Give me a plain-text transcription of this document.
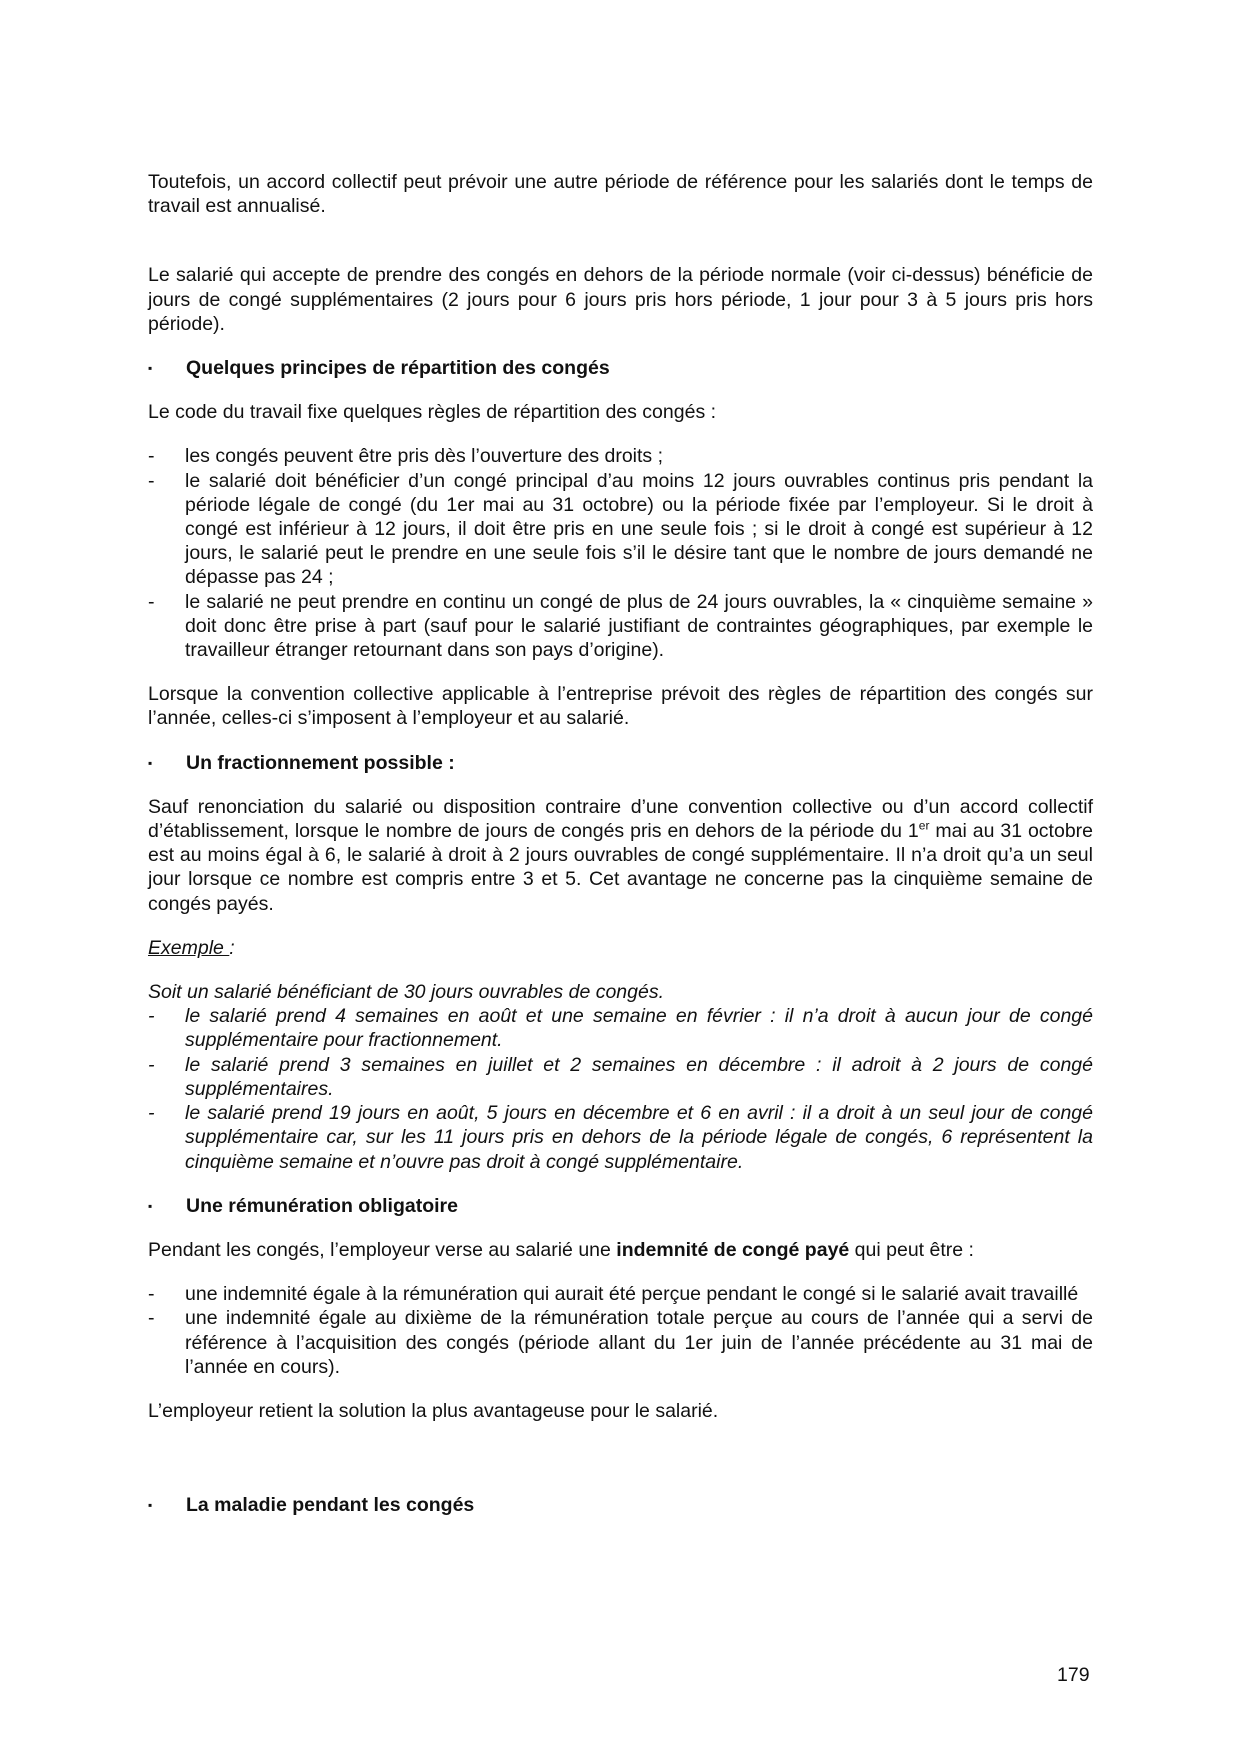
Toutefois, un accord collectif peut prévoir une autre période de référence pour les salariés dont le temps de travail est annualisé.

Le salarié qui accepte de prendre des congés en dehors de la période normale (voir ci-dessus) bénéficie de jours de congé supplémentaires (2 jours pour 6 jours pris hors période, 1 jour pour 3 à 5 jours pris hors période).

▪	Quelques principes de répartition des congés

Le code du travail fixe quelques règles de répartition des congés :

- les congés peuvent être pris dès l’ouverture des droits ;
- le salarié doit bénéficier d’un congé principal d’au moins 12 jours ouvrables continus pris pendant la période légale de congé (du 1er mai au 31 octobre) ou la période fixée par l’employeur. Si le droit à congé est inférieur à 12 jours, il doit être pris en une seule fois ; si le droit à congé est supérieur à 12 jours, le salarié peut le prendre en une seule fois s’il le désire tant que le nombre de jours demandé ne dépasse pas 24 ;
- le salarié ne peut prendre en continu un congé de plus de 24 jours ouvrables, la « cinquième semaine » doit donc être prise à part (sauf pour le salarié justifiant de contraintes géographiques, par exemple le travailleur étranger retournant dans son pays d’origine).

Lorsque la convention collective applicable à l’entreprise prévoit des règles de répartition des congés sur l’année, celles-ci s’imposent à l’employeur et au salarié.

▪	Un fractionnement possible :

Sauf renonciation du salarié ou disposition contraire d’une convention collective ou d’un accord collectif d’établissement, lorsque le nombre de jours de congés pris en dehors de la période du 1er mai au 31 octobre est au moins égal à 6, le salarié à droit à 2 jours ouvrables de congé supplémentaire. Il n’a droit qu’a un seul jour lorsque ce nombre est compris entre 3 et 5. Cet avantage ne concerne pas la cinquième semaine de congés payés.

Exemple :

Soit un salarié bénéficiant de 30 jours ouvrables de congés.

- le salarié prend 4 semaines en août et une semaine en février : il n’a droit à aucun jour de congé supplémentaire pour fractionnement.
- le salarié prend 3 semaines en juillet et 2 semaines en décembre : il adroit à 2 jours de congé supplémentaires.
- le salarié prend 19 jours en août, 5 jours en décembre et 6 en avril : il a droit à un seul jour de congé supplémentaire car, sur les 11 jours pris en dehors de la période légale de congés, 6 représentent la cinquième semaine et n’ouvre pas droit à congé supplémentaire.
▪	Une rémunération obligatoire

Pendant les congés, l’employeur verse au salarié une indemnité de congé payé qui peut être :

- une indemnité égale à la rémunération qui aurait été perçue pendant le congé si le salarié avait travaillé
- une indemnité égale au dixième de la rémunération totale perçue au cours de l’année qui a servi de référence à l’acquisition des congés (période allant du 1er juin de l’année précédente au 31 mai de l’année en cours).

L’employeur retient la solution la plus avantageuse pour le salarié.

▪	La maladie pendant les congés
179
